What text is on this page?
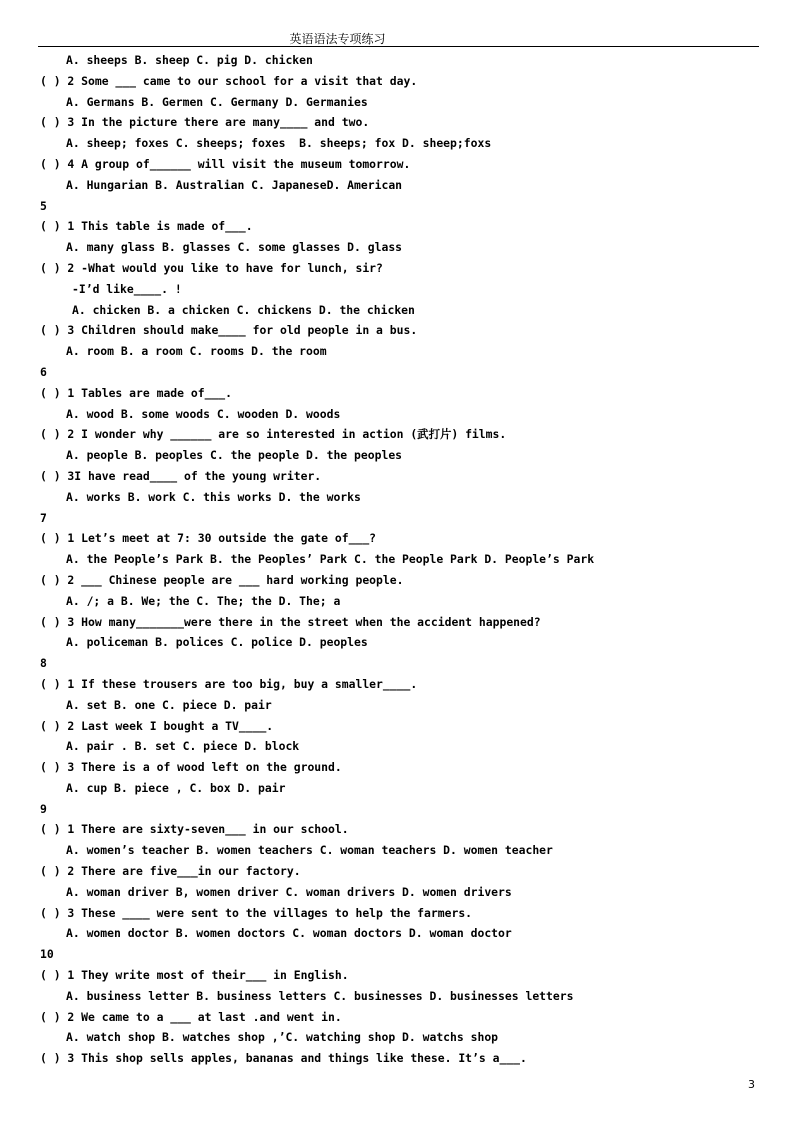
英语语法专项练习
A. sheeps B. sheep C. pig D. chicken
( ) 2 Some ___ came to our school for a visit that day.
A. Germans B. Germen C. Germany D. Germanies
( ) 3 In the picture there are many____ and two.
A. sheep; foxes C. sheeps; foxes  B. sheeps; fox D. sheep;foxs
( ) 4 A group of______ will visit the museum tomorrow.
A. Hungarian B. Australian C. JapaneseD. American
5
( ) 1 This table is made of___.
A. many glass B. glasses C. some glasses D. glass
( ) 2 -What would you like to have for lunch, sir?
-I’d like____. !
A. chicken B. a chicken C. chickens D. the chicken
( ) 3 Children should make____ for old people in a bus.
A. room B. a room C. rooms D. the room
6
( ) 1 Tables are made of___.
A. wood B. some woods C. wooden D. woods
( ) 2 I wonder why ______ are so interested in action (武打片) films.
A. people B. peoples C. the people D. the peoples
( ) 3I have read____ of the young writer.
A. works B. work C. this works D. the works
7
( ) 1 Let’s meet at 7: 30 outside the gate of___?
A. the People’s Park B. the Peoples’ Park C. the People Park D. People’s Park
( ) 2 ___ Chinese people are ___ hard working people.
A. /; a B. We; the C. The; the D. The; a
( ) 3 How many_______were there in the street when the accident happened?
A. policeman B. polices C. police D. peoples
8
( ) 1 If these trousers are too big, buy a smaller____.
A. set B. one C. piece D. pair
( ) 2 Last week I bought a TV____.
A. pair . B. set C. piece D. block
( ) 3 There is a of wood left on the ground.
A. cup B. piece , C. box D. pair
9
( ) 1 There are sixty-seven___ in our school.
A. women’s teacher B. women teachers C. woman teachers D. women teacher
( ) 2 There are five___in our factory.
A. woman driver B, women driver C. woman drivers D. women drivers
( ) 3 These ____ were sent to the villages to help the farmers.
A. women doctor B. women doctors C. woman doctors D. woman doctor
10
( ) 1 They write most of their___ in English.
A. business letter B. business letters C. businesses D. businesses letters
( ) 2 We came to a ___ at last .and went in.
A. watch shop B. watches shop ,’C. watching shop D. watchs shop
( ) 3 This shop sells apples, bananas and things like these. It’s a___.
3
